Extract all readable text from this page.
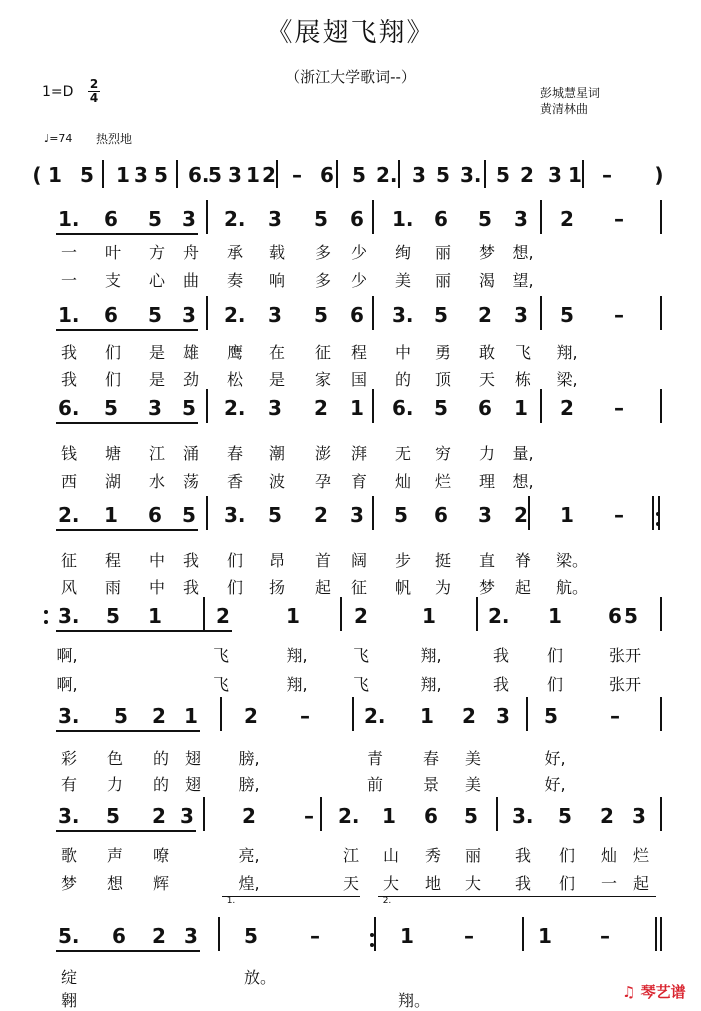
《展翅飞翔》
（浙江大学歌词--）
1=D 2
4	彭城慧星词
黄清林曲
♩=74 热烈地
1 5 1 3 5 6.
5 3 1 2 – 6 5 2. 3 5 3. 5 2 3 1 –
(	)
1. 6 5 3 2. 3 5 6 1. 6 5 3 2 –
一 叶 方 舟 承 载 多 少 绚 丽 梦 想,
一 支 心 曲 奏 响 多 少 美 丽 渴 望,
1. 6 5 3 2. 3 5 6 3. 5 2 3 5 –
我 们 是 雄 鹰 在 征 程 中 勇 敢 飞 翔,
我 们 是 劲 松 是 家 国 的 顶 天 栋 梁,
6. 5 3 5 2. 3 2 1 6. 5 6 1 2 –
钱 塘 江 涌 春 潮 澎 湃 无 穷 力 量,
西 湖 水 荡 香 波 孕 育 灿 烂 理 想,
2. 1 6 5 3. 5 2 3 5 6 3 2 1 –
征 程 中 我 们 昂 首 阔 步 挺 直 脊 梁。
风 雨 中 我 们 扬 起 征 帆 为 梦 起 航。
3. 5 1	2	1	2	1	2. 1 6 5
啊,	飞	翔,	飞	翔,	我 们	张 开
啊,	飞	翔,	飞	翔,	我 们	张 开
3. 5 2 1 2 –	2. 1 2 3 5	–
彩 色 的 翅 膀,	青 春 美	好,
有 力 的 翅 膀,	前 景 美	好,
3. 5 2 3 2 – 2. 1 6 5 3. 5 2 3
歌 声 嘹	亮,	江 山 秀 丽 我 们 灿 烂
梦 想 辉	煌,	天 大 地 大 我 们 一 起
5. 6 2 3 5	–	1	–	1 –
绽	放。
翱	翔。
1.	2.
♫ 琴艺谱
